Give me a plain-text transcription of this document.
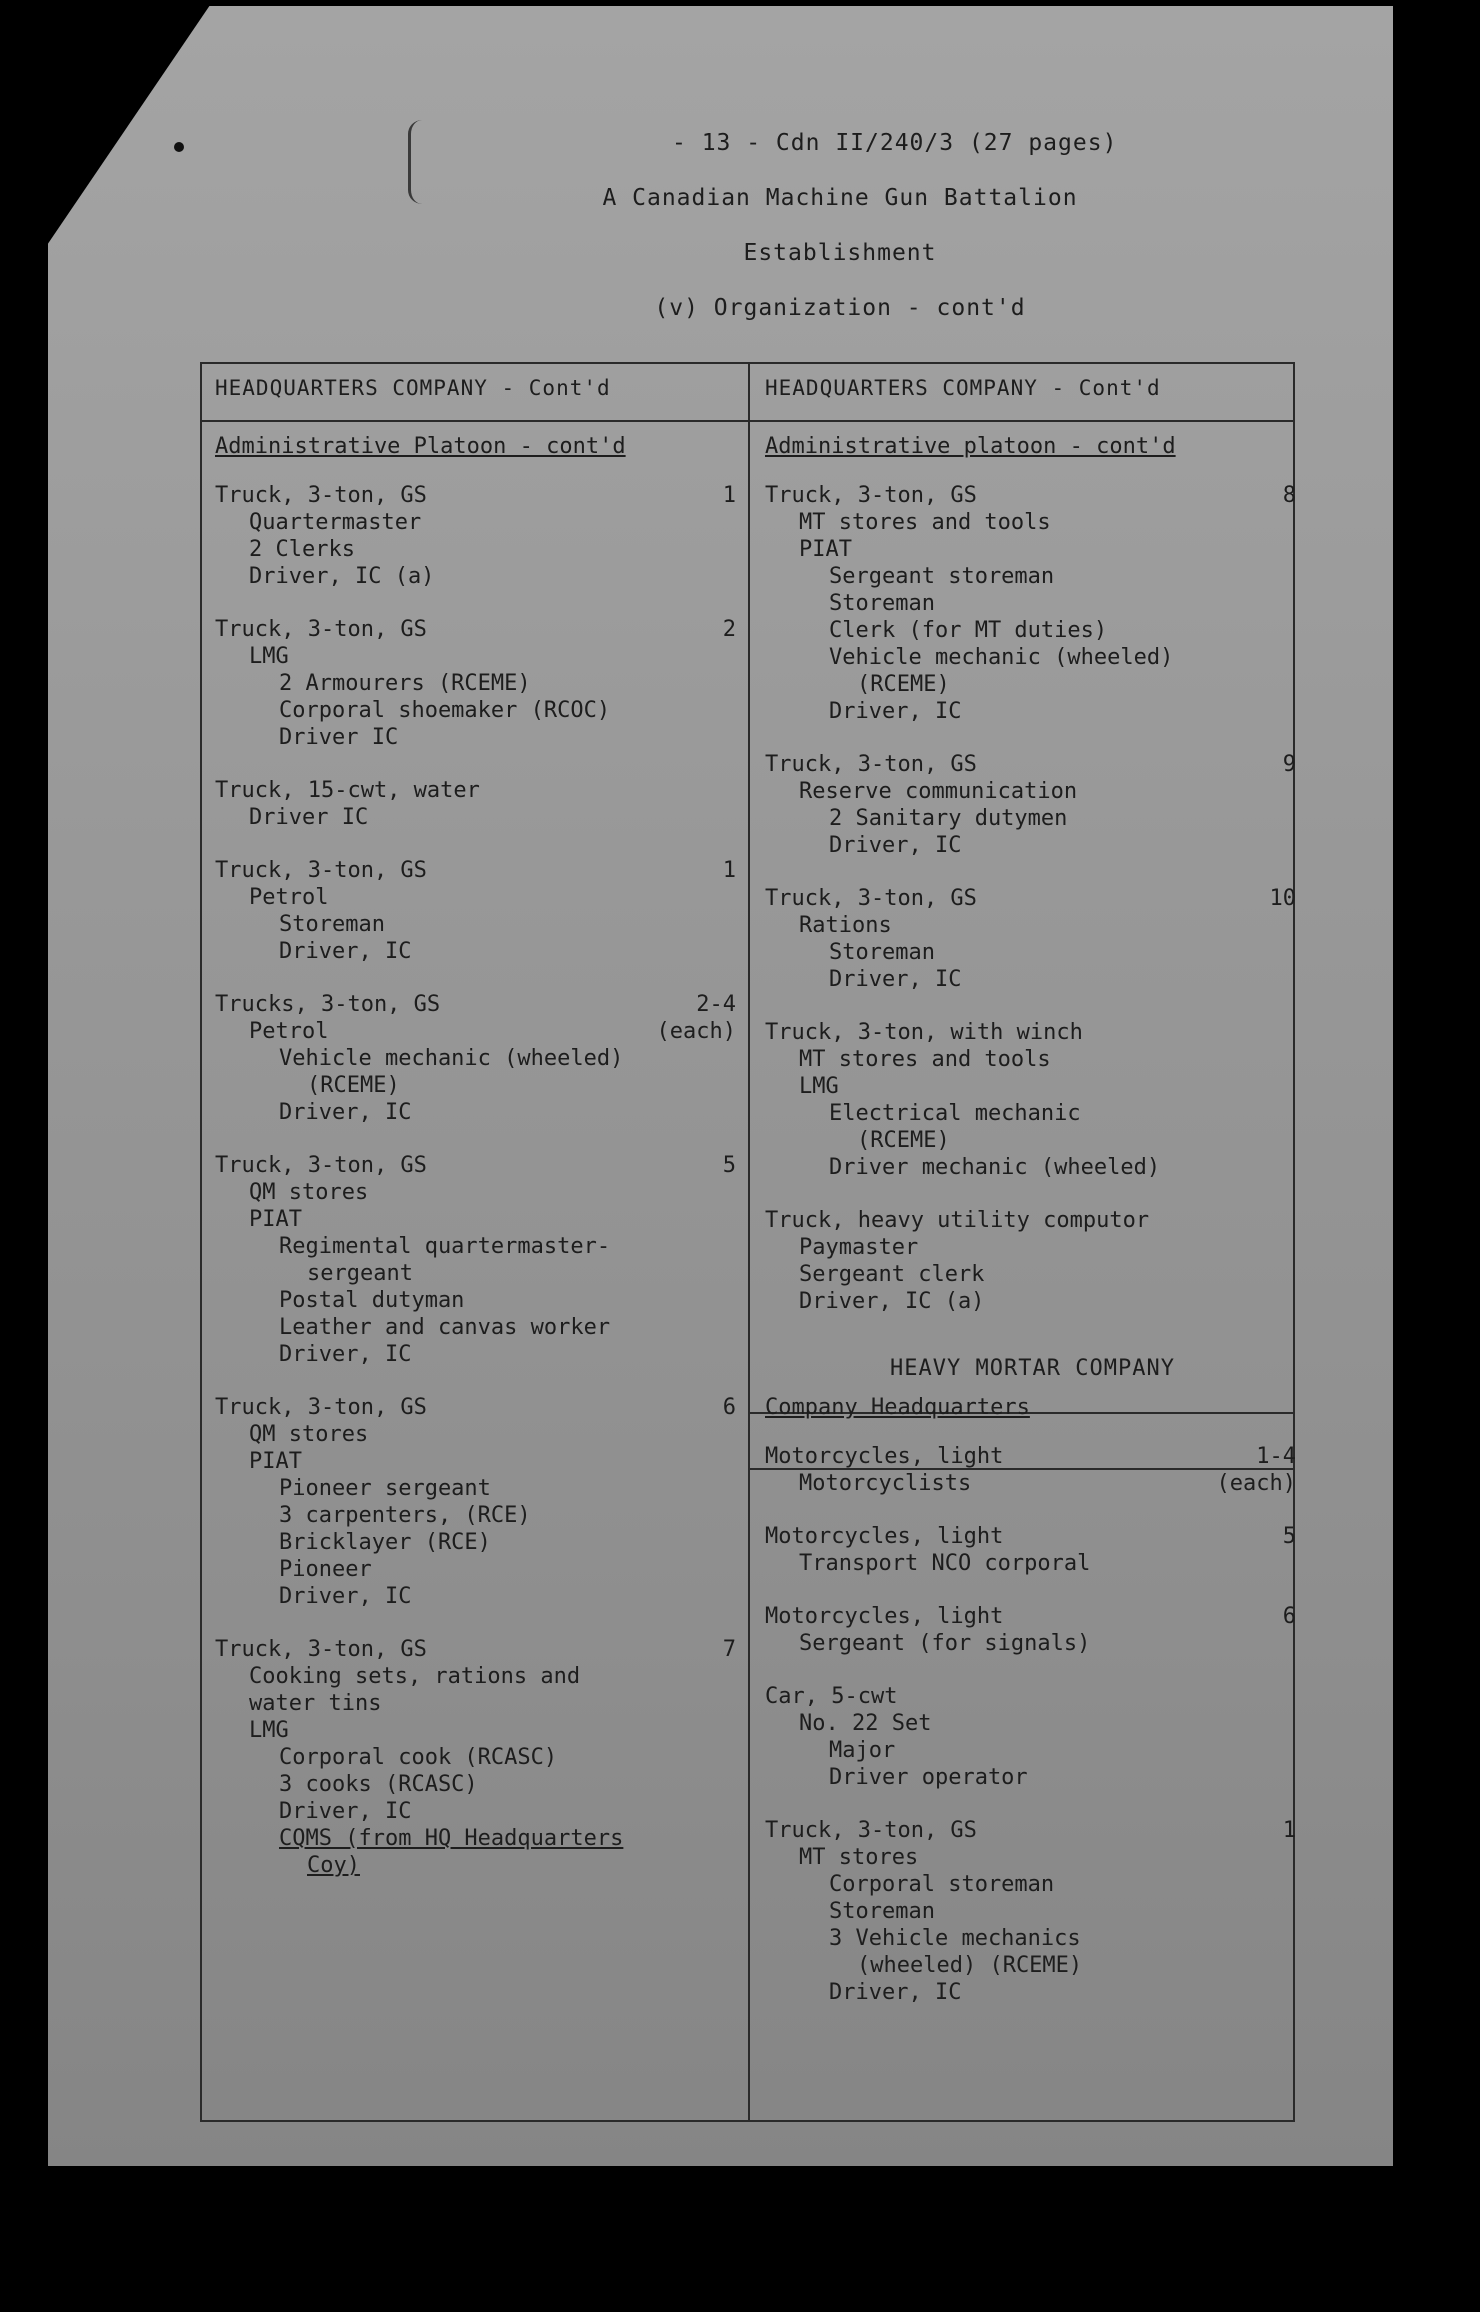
- 13 - Cdn II/240/3 (27 pages)
A Canadian Machine Gun Battalion
Establishment
(v) Organization - cont'd
HEADQUARTERS COMPANY - Cont'd
Administrative Platoon - cont'd
Truck, 3-ton, GS	1
Quartermaster
2 Clerks
Driver, IC (a)
Truck, 3-ton, GS	2
LMG
2 Armourers (RCEME)
Corporal shoemaker (RCOC)
Driver IC
Truck, 15-cwt, water
Driver IC
Truck, 3-ton, GS	1
Petrol
Storeman
Driver, IC
Trucks, 3-ton, GS	2-4
Petrol	(each)
Vehicle mechanic (wheeled)
(RCEME)
Driver, IC
Truck, 3-ton, GS	5
QM stores
PIAT
Regimental quartermaster-
sergeant
Postal dutyman
Leather and canvas worker
Driver, IC
Truck, 3-ton, GS	6
QM stores
PIAT
Pioneer sergeant
3 carpenters, (RCE)
Bricklayer (RCE)
Pioneer
Driver, IC
Truck, 3-ton, GS	7
Cooking sets, rations and
water tins
LMG
Corporal cook (RCASC)
3 cooks (RCASC)
Driver, IC
CQMS (from HQ Headquarters
Coy)
HEADQUARTERS COMPANY - Cont'd
Administrative platoon - cont'd
Truck, 3-ton, GS	8
MT stores and tools
PIAT
Sergeant storeman
Storeman
Clerk (for MT duties)
Vehicle mechanic (wheeled)
(RCEME)
Driver, IC
Truck, 3-ton, GS	9
Reserve communication
2 Sanitary dutymen
Driver, IC
Truck, 3-ton, GS	10
Rations
Storeman
Driver, IC
Truck, 3-ton, with winch
MT stores and tools
LMG
Electrical mechanic
(RCEME)
Driver mechanic (wheeled)
Truck, heavy utility computor
Paymaster
Sergeant clerk
Driver, IC (a)
HEAVY MORTAR COMPANY
Company Headquarters
Motorcycles, light	1-4
Motorcyclists	(each)
Motorcycles, light	5
Transport NCO corporal
Motorcycles, light	6
Sergeant (for signals)
Car, 5-cwt
No. 22 Set
Major
Driver operator
Truck, 3-ton, GS	1
MT stores
Corporal storeman
Storeman
3 Vehicle mechanics
(wheeled) (RCEME)
Driver, IC
